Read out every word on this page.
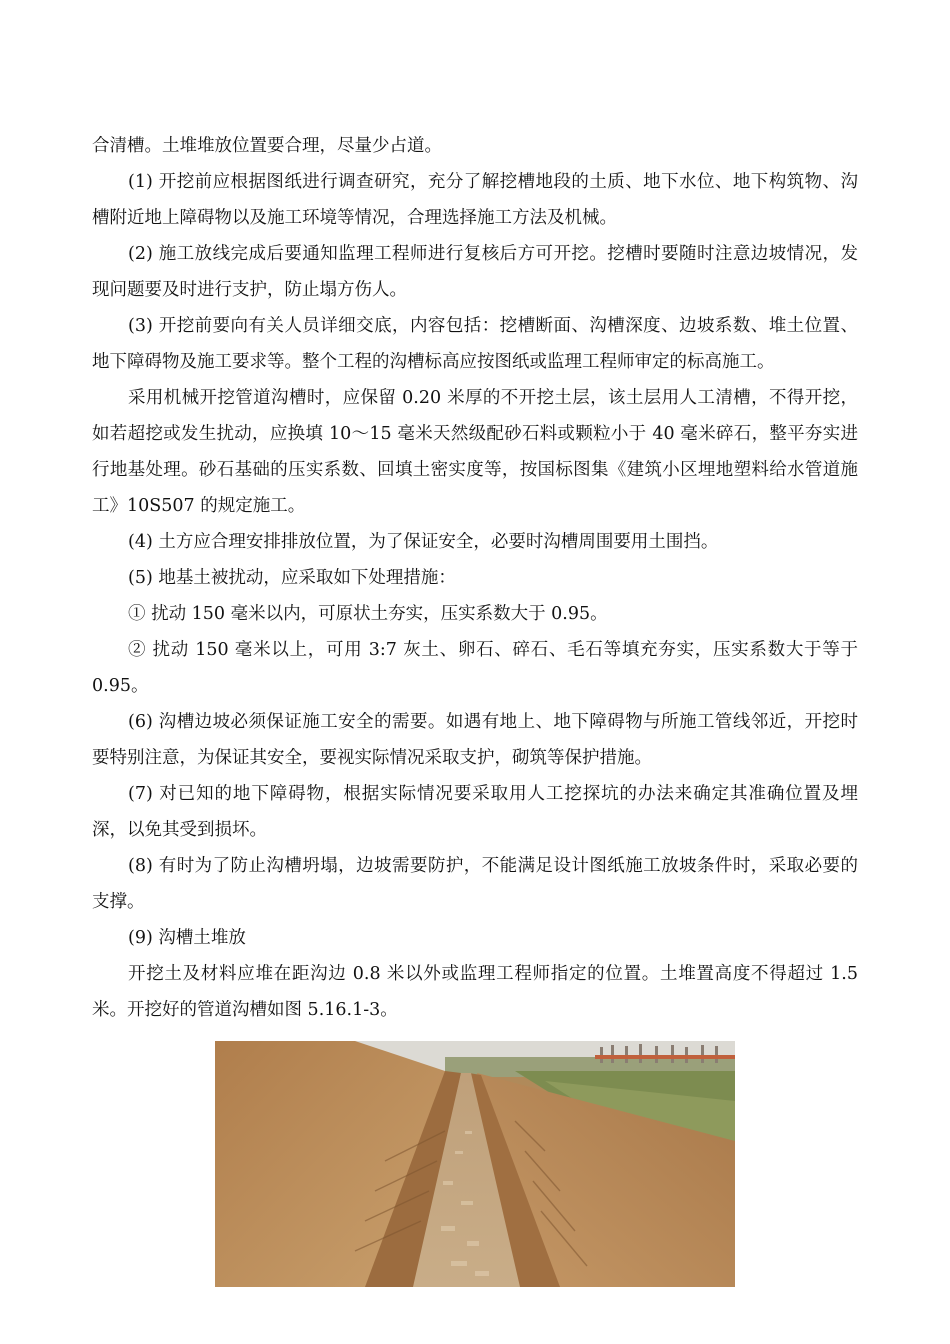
合清槽。土堆堆放位置要合理，尽量少占道。

(1) 开挖前应根据图纸进行调查研究，充分了解挖槽地段的土质、地下水位、地下构筑物、沟槽附近地上障碍物以及施工环境等情况，合理选择施工方法及机械。

(2) 施工放线完成后要通知监理工程师进行复核后方可开挖。挖槽时要随时注意边坡情况，发现问题要及时进行支护，防止塌方伤人。

(3) 开挖前要向有关人员详细交底，内容包括：挖槽断面、沟槽深度、边坡系数、堆土位置、地下障碍物及施工要求等。整个工程的沟槽标高应按图纸或监理工程师审定的标高施工。

采用机械开挖管道沟槽时，应保留 0.20 米厚的不开挖土层，该土层用人工清槽，不得开挖，如若超挖或发生扰动，应换填 10～15 毫米天然级配砂石料或颗粒小于 40 毫米碎石，整平夯实进行地基处理。砂石基础的压实系数、回填土密实度等，按国标图集《建筑小区埋地塑料给水管道施工》10S507 的规定施工。

(4) 土方应合理安排排放位置，为了保证安全，必要时沟槽周围要用土围挡。

(5) 地基土被扰动，应采取如下处理措施：

① 扰动 150 毫米以内，可原状土夯实，压实系数大于 0.95。

② 扰动 150 毫米以上，可用 3:7 灰土、卵石、碎石、毛石等填充夯实，压实系数大于等于 0.95。

(6) 沟槽边坡必须保证施工安全的需要。如遇有地上、地下障碍物与所施工管线邻近，开挖时要特别注意，为保证其安全，要视实际情况采取支护，砌筑等保护措施。

(7) 对已知的地下障碍物，根据实际情况要采取用人工挖探坑的办法来确定其准确位置及埋深，以免其受到损坏。

(8) 有时为了防止沟槽坍塌，边坡需要防护，不能满足设计图纸施工放坡条件时，采取必要的支撑。

(9) 沟槽土堆放

开挖土及材料应堆在距沟边 0.8 米以外或监理工程师指定的位置。土堆置高度不得超过 1.5 米。开挖好的管道沟槽如图 5.16.1-3。
